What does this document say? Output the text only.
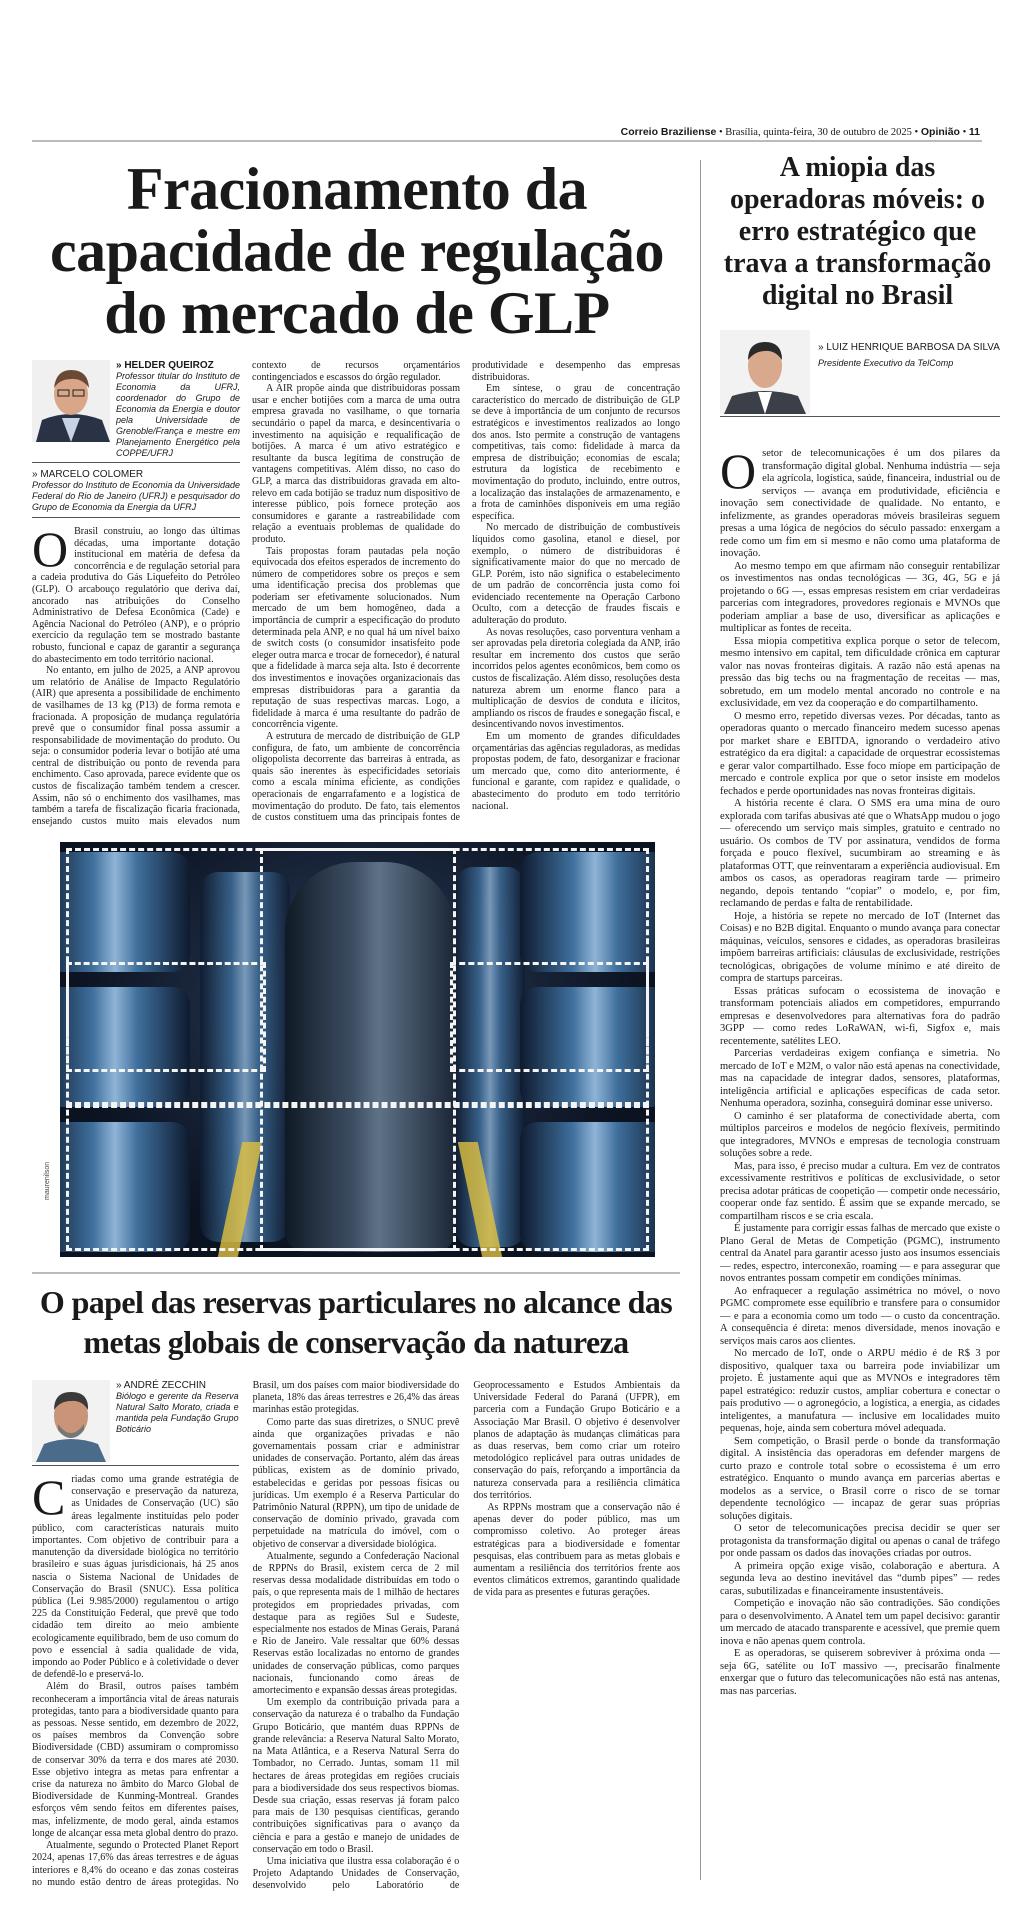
Correio Braziliense • Brasília, quinta-feira, 30 de outubro de 2025 • Opinião • 11
Fracionamento da capacidade de regulação do mercado de GLP
» HELDER QUEIROZ
Professor titular do Instituto de Economia da UFRJ, coordenador do Grupo de Economia da Energia e doutor pela Universidade de Grenoble/França e mestre em Planejamento Energético pela COPPE/UFRJ
» MARCELO COLOMER
Professor do Instituto de Economia da Universidade Federal do Rio de Janeiro (UFRJ) e pesquisador do Grupo de Economia da Energia da UFRJ

O Brasil construiu, ao longo das últimas décadas, uma importante dotação institucional em matéria de defesa da concorrência e de regulação setorial para a cadeia produtiva do Gás Liquefeito do Petróleo (GLP). O arcabouço regulatório que deriva daí, ancorado nas atribuições do Conselho Administrativo de Defesa Econômica (Cade) e Agência Nacional do Petróleo (ANP), e o próprio exercício da regulação tem se mostrado bastante robusto, funcional e capaz de garantir a segurança do abastecimento em todo território nacional.

No entanto, em julho de 2025, a ANP aprovou um relatório de Análise de Impacto Regulatório (AIR) que apresenta a possibilidade de enchimento de vasilhames de 13 kg (P13) de forma remota e fracionada. A proposição de mudança regulatória prevê que o consumidor final possa assumir a responsabilidade de movimentação do produto. Ou seja: o consumidor poderia levar o botijão até uma central de distribuição ou ponto de revenda para enchimento. Caso aprovada, parece evidente que os custos de fiscalização também tendem a crescer. Assim, não só o enchimento dos vasilhames, mas também a tarefa de fiscalização ficaria fracionada, ensejando custos muito mais elevados num contexto de recursos orçamentários contingenciados e escassos do órgão regulador.

A AIR propõe ainda que distribuidoras possam usar e encher botijões com a marca de uma outra empresa gravada no vasilhame, o que tornaria secundário o papel da marca, e desincentivaria o investimento na aquisição e requalificação de botijões. A marca é um ativo estratégico e resultante da busca legítima de construção de vantagens competitivas. Além disso, no caso do GLP, a marca das distribuidoras gravada em alto-relevo em cada botijão se traduz num dispositivo de interesse público, pois fornece proteção aos consumidores e garante a rastreabilidade com relação a eventuais problemas de qualidade do produto.

Tais propostas foram pautadas pela noção equivocada dos efeitos esperados de incremento do número de competidores sobre os preços e sem uma identificação precisa dos problemas que poderiam ser efetivamente solucionados. Num mercado de um bem homogêneo, dada a importância de cumprir a especificação do produto determinada pela ANP, e no qual há um nível baixo de switch costs (o consumidor insatisfeito pode eleger outra marca e trocar de fornecedor), é natural que a fidelidade à marca seja alta. Isto é decorrente dos investimentos e inovações organizacionais das empresas distribuidoras para a garantia da reputação de suas respectivas marcas. Logo, a fidelidade à marca é uma resultante do padrão de concorrência vigente.

A estrutura de mercado de distribuição de GLP configura, de fato, um ambiente de concorrência oligopolista decorrente das barreiras à entrada, as quais são inerentes às especificidades setoriais como a escala mínima eficiente, as condições operacionais de engarrafamento e a logística de movimentação do produto. De fato, tais elementos de custos constituem uma das principais fontes de produtividade e desempenho das empresas distribuidoras.

Em síntese, o grau de concentração característico do mercado de distribuição de GLP se deve à importância de um conjunto de recursos estratégicos e investimentos realizados ao longo dos anos. Isto permite a construção de vantagens competitivas, tais como: fidelidade à marca da empresa de distribuição; economias de escala; estrutura da logística de recebimento e movimentação do produto, incluindo, entre outros, a localização das instalações de armazenamento, e a frota de caminhões disponíveis em uma região específica.

No mercado de distribuição de combustíveis líquidos como gasolina, etanol e diesel, por exemplo, o número de distribuidoras é significativamente maior do que no mercado de GLP. Porém, isto não significa o estabelecimento de um padrão de concorrência justa como foi evidenciado recentemente na Operação Carbono Oculto, com a detecção de fraudes fiscais e adulteração do produto.

As novas resoluções, caso porventura venham a ser aprovadas pela diretoria colegiada da ANP, irão resultar em incremento dos custos que serão incorridos pelos agentes econômicos, bem como os custos de fiscalização. Além disso, resoluções desta natureza abrem um enorme flanco para a multiplicação de desvios de conduta e ilícitos, ampliando os riscos de fraudes e sonegação fiscal, e desincentivando novos investimentos.

Em um momento de grandes dificuldades orçamentárias das agências reguladoras, as medidas propostas podem, de fato, desorganizar e fracionar um mercado que, como dito anteriormente, é funcional e garante, com rapidez e qualidade, o abastecimento do produto em todo território nacional.

maurenilson
O papel das reservas particulares no alcance das metas globais de conservação da natureza
» ANDRÉ ZECCHIN
Biólogo e gerente da Reserva Natural Salto Morato, criada e mantida pela Fundação Grupo Boticário

Criadas como uma grande estratégia de conservação e preservação da natureza, as Unidades de Conservação (UC) são áreas legalmente instituídas pelo poder público, com características naturais muito importantes. Com objetivo de contribuir para a manutenção da diversidade biológica no território brasileiro e suas águas jurisdicionais, há 25 anos nascia o Sistema Nacional de Unidades de Conservação do Brasil (SNUC). Essa política pública (Lei 9.985/2000) regulamentou o artigo 225 da Constituição Federal, que prevê que todo cidadão tem direito ao meio ambiente ecologicamente equilibrado, bem de uso comum do povo e essencial à sadia qualidade de vida, impondo ao Poder Público e à coletividade o dever de defendê-lo e preservá-lo.

Além do Brasil, outros países também reconheceram a importância vital de áreas naturais protegidas, tanto para a biodiversidade quanto para as pessoas. Nesse sentido, em dezembro de 2022, os países membros da Convenção sobre Biodiversidade (CBD) assumiram o compromisso de conservar 30% da terra e dos mares até 2030. Esse objetivo integra as metas para enfrentar a crise da natureza no âmbito do Marco Global de Biodiversidade de Kunming-Montreal. Grandes esforços vêm sendo feitos em diferentes países, mas, infelizmente, de modo geral, ainda estamos longe de alcançar essa meta global dentro do prazo.

Atualmente, segundo o Protected Planet Report 2024, apenas 17,6% das áreas terrestres e de águas interiores e 8,4% do oceano e das zonas costeiras no mundo estão dentro de áreas protegidas. No Brasil, um dos países com maior biodiversidade do planeta, 18% das áreas terrestres e 26,4% das áreas marinhas estão protegidas.

Como parte das suas diretrizes, o SNUC prevê ainda que organizações privadas e não governamentais possam criar e administrar unidades de conservação. Portanto, além das áreas públicas, existem as de domínio privado, estabelecidas e geridas por pessoas físicas ou jurídicas. Um exemplo é a Reserva Particular do Patrimônio Natural (RPPN), um tipo de unidade de conservação de domínio privado, gravada com perpetuidade na matrícula do imóvel, com o objetivo de conservar a diversidade biológica.

Atualmente, segundo a Confederação Nacional de RPPNs do Brasil, existem cerca de 2 mil reservas dessa modalidade distribuídas em todo o país, o que representa mais de 1 milhão de hectares protegidos em propriedades privadas, com destaque para as regiões Sul e Sudeste, especialmente nos estados de Minas Gerais, Paraná e Rio de Janeiro. Vale ressaltar que 60% dessas Reservas estão localizadas no entorno de grandes unidades de conservação públicas, como parques nacionais, funcionando como áreas de amortecimento e expansão dessas áreas protegidas.

Um exemplo da contribuição privada para a conservação da natureza é o trabalho da Fundação Grupo Boticário, que mantém duas RPPNs de grande relevância: a Reserva Natural Salto Morato, na Mata Atlântica, e a Reserva Natural Serra do Tombador, no Cerrado. Juntas, somam 11 mil hectares de áreas protegidas em regiões cruciais para a biodiversidade dos seus respectivos biomas. Desde sua criação, essas reservas já foram palco para mais de 130 pesquisas científicas, gerando contribuições significativas para o avanço da ciência e para a gestão e manejo de unidades de conservação em todo o Brasil.

Uma iniciativa que ilustra essa colaboração é o Projeto Adaptando Unidades de Conservação, desenvolvido pelo Laboratório de Geoprocessamento e Estudos Ambientais da Universidade Federal do Paraná (UFPR), em parceria com a Fundação Grupo Boticário e a Associação Mar Brasil. O objetivo é desenvolver planos de adaptação às mudanças climáticas para as duas reservas, bem como criar um roteiro metodológico replicável para outras unidades de conservação do país, reforçando a importância da natureza conservada para a resiliência climática dos territórios.

As RPPNs mostram que a conservação não é apenas dever do poder público, mas um compromisso coletivo. Ao proteger áreas estratégicas para a biodiversidade e fomentar pesquisas, elas contribuem para as metas globais e aumentam a resiliência dos territórios frente aos eventos climáticos extremos, garantindo qualidade de vida para as presentes e futuras gerações.

A miopia das operadoras móveis: o erro estratégico que trava a transformação digital no Brasil
» LUIZ HENRIQUE BARBOSA DA SILVA
Presidente Executivo da TelComp

O setor de telecomunicações é um dos pilares da transformação digital global. Nenhuma indústria — seja ela agrícola, logística, saúde, financeira, industrial ou de serviços — avança em produtividade, eficiência e inovação sem conectividade de qualidade. No entanto, e infelizmente, as grandes operadoras móveis brasileiras seguem presas a uma lógica de negócios do século passado: enxergam a rede como um fim em si mesmo e não como uma plataforma de inovação.

Ao mesmo tempo em que afirmam não conseguir rentabilizar os investimentos nas ondas tecnológicas — 3G, 4G, 5G e já projetando o 6G —, essas empresas resistem em criar verdadeiras parcerias com integradores, provedores regionais e MVNOs que poderiam ampliar a base de uso, diversificar as aplicações e multiplicar as fontes de receita.

Essa miopia competitiva explica porque o setor de telecom, mesmo intensivo em capital, tem dificuldade crônica em capturar valor nas novas fronteiras digitais. A razão não está apenas na pressão das big techs ou na fragmentação de receitas — mas, sobretudo, em um modelo mental ancorado no controle e na exclusividade, em vez da cooperação e do compartilhamento.

O mesmo erro, repetido diversas vezes. Por décadas, tanto as operadoras quanto o mercado financeiro medem sucesso apenas por market share e EBITDA, ignorando o verdadeiro ativo estratégico da era digital: a capacidade de orquestrar ecossistemas e gerar valor compartilhado. Esse foco míope em participação de mercado e controle explica por que o setor insiste em modelos fechados e perde oportunidades nas novas fronteiras digitais.

A história recente é clara. O SMS era uma mina de ouro explorada com tarifas abusivas até que o WhatsApp mudou o jogo — oferecendo um serviço mais simples, gratuito e centrado no usuário. Os combos de TV por assinatura, vendidos de forma forçada e pouco flexível, sucumbiram ao streaming e às plataformas OTT, que reinventaram a experiência audiovisual. Em ambos os casos, as operadoras reagiram tarde — primeiro negando, depois tentando “copiar” o modelo, e, por fim, reclamando de perdas e falta de rentabilidade.

Hoje, a história se repete no mercado de IoT (Internet das Coisas) e no B2B digital. Enquanto o mundo avança para conectar máquinas, veículos, sensores e cidades, as operadoras brasileiras impõem barreiras artificiais: cláusulas de exclusividade, restrições tecnológicas, obrigações de volume mínimo e até direito de compra de startups parceiras.

Essas práticas sufocam o ecossistema de inovação e transformam potenciais aliados em competidores, empurrando empresas e desenvolvedores para alternativas fora do padrão 3GPP — como redes LoRaWAN, wi-fi, Sigfox e, mais recentemente, satélites LEO.

Parcerias verdadeiras exigem confiança e simetria. No mercado de IoT e M2M, o valor não está apenas na conectividade, mas na capacidade de integrar dados, sensores, plataformas, inteligência artificial e aplicações específicas de cada setor. Nenhuma operadora, sozinha, conseguirá dominar esse universo.

O caminho é ser plataforma de conectividade aberta, com múltiplos parceiros e modelos de negócio flexíveis, permitindo que integradores, MVNOs e empresas de tecnologia construam soluções sobre a rede.

Mas, para isso, é preciso mudar a cultura. Em vez de contratos excessivamente restritivos e políticas de exclusividade, o setor precisa adotar práticas de coopetição — competir onde necessário, cooperar onde faz sentido. É assim que se expande mercado, se compartilham riscos e se cria escala.

É justamente para corrigir essas falhas de mercado que existe o Plano Geral de Metas de Competição (PGMC), instrumento central da Anatel para garantir acesso justo aos insumos essenciais — redes, espectro, interconexão, roaming — e para assegurar que novos entrantes possam competir em condições mínimas.

Ao enfraquecer a regulação assimétrica no móvel, o novo PGMC compromete esse equilíbrio e transfere para o consumidor — e para a economia como um todo — o custo da concentração. A consequência é direta: menos diversidade, menos inovação e serviços mais caros aos clientes.

No mercado de IoT, onde o ARPU médio é de R$ 3 por dispositivo, qualquer taxa ou barreira pode inviabilizar um projeto. É justamente aqui que as MVNOs e integradores têm papel estratégico: reduzir custos, ampliar cobertura e conectar o país produtivo — o agronegócio, a logística, a energia, as cidades inteligentes, a manufatura — inclusive em localidades muito pequenas, hoje, ainda sem cobertura móvel adequada.

Sem competição, o Brasil perde o bonde da transformação digital. A insistência das operadoras em defender margens de curto prazo e controle total sobre o ecossistema é um erro estratégico. Enquanto o mundo avança em parcerias abertas e modelos as a service, o Brasil corre o risco de se tornar dependente tecnológico — incapaz de gerar suas próprias soluções digitais.

O setor de telecomunicações precisa decidir se quer ser protagonista da transformação digital ou apenas o canal de tráfego por onde passam os dados das inovações criadas por outros.

A primeira opção exige visão, colaboração e abertura. A segunda leva ao destino inevitável das “dumb pipes” — redes caras, subutilizadas e financeiramente insustentáveis.

Competição e inovação não são contradições. São condições para o desenvolvimento. A Anatel tem um papel decisivo: garantir um mercado de atacado transparente e acessível, que premie quem inova e não apenas quem controla.

E as operadoras, se quiserem sobreviver à próxima onda — seja 6G, satélite ou IoT massivo —, precisarão finalmente enxergar que o futuro das telecomunicações não está nas antenas, mas nas parcerias.
